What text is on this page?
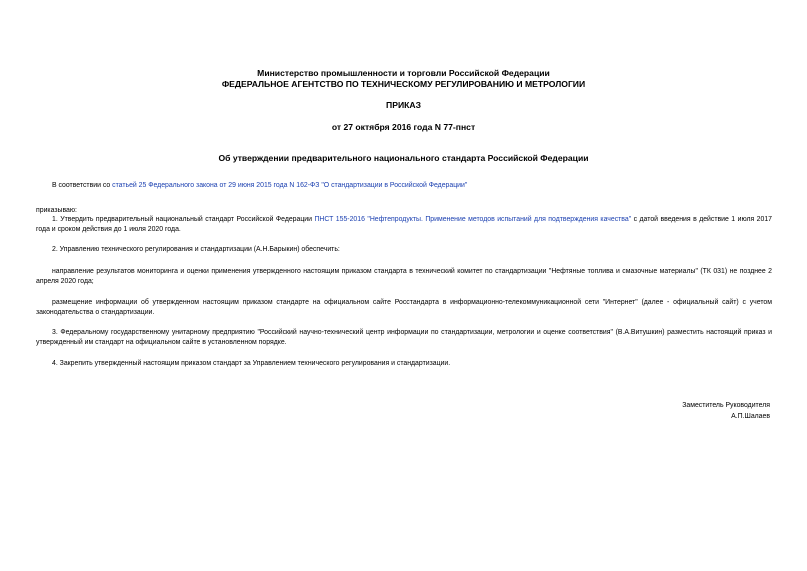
Министерство промышленности и торговли Российской Федерации
ФЕДЕРАЛЬНОЕ АГЕНТСТВО ПО ТЕХНИЧЕСКОМУ РЕГУЛИРОВАНИЮ И МЕТРОЛОГИИ
ПРИКАЗ
от 27 октября 2016 года N 77-пнст
Об утверждении предварительного национального стандарта Российской Федерации
В соответствии со статьей 25 Федерального закона от 29 июня 2015 года N 162-ФЗ "О стандартизации в Российской Федерации"
приказываю:
1. Утвердить предварительный национальный стандарт Российской Федерации ПНСТ 155-2016 "Нефтепродукты. Применение методов испытаний для подтверждения качества" с датой введения в действие 1 июля 2017 года и сроком действия до 1 июля 2020 года.
2. Управлению технического регулирования и стандартизации (А.Н.Барыкин) обеспечить:
направление результатов мониторинга и оценки применения утвержденного настоящим приказом стандарта в технический комитет по стандартизации "Нефтяные топлива и смазочные материалы" (ТК 031) не позднее 2 апреля 2020 года;
размещение информации об утвержденном настоящим приказом стандарте на официальном сайте Росстандарта в информационно-телекоммуникационной сети "Интернет" (далее - официальный сайт) с учетом законодательства о стандартизации.
3. Федеральному государственному унитарному предприятию "Российский научно-технический центр информации по стандартизации, метрологии и оценке соответствия" (В.А.Витушкин) разместить настоящий приказ и утвержденный им стандарт на официальном сайте в установленном порядке.
4. Закрепить утвержденный настоящим приказом стандарт за Управлением технического регулирования и стандартизации.
Заместитель Руководителя
А.П.Шалаев
